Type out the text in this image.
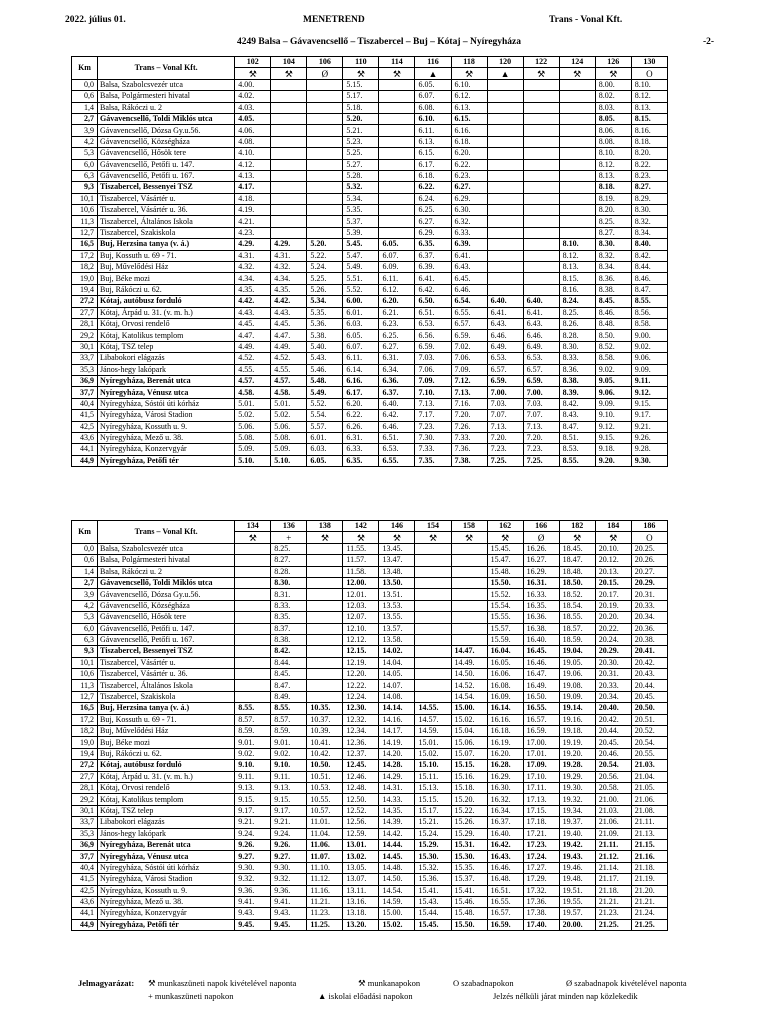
2022. július 01.	MENETREND	Trans - Vonal Kft.
4249 Balsa – Gávavencsellő – Tiszabercel – Buj – Kótaj – Nyíregyháza	-2-
Km	Trans – Vonal Kft.	102	104	106	110	114	116	118	120	122	124	126	130
		⚒	⚒	Ø	⚒	⚒	▲	⚒	▲	⚒	⚒	⚒	O
0,0	Balsa, Szabolcsvezér utca	4.00.			5.15.		6.05.	6.10.				8.00.	8.10.
0,6	Balsa, Polgármesteri hivatal	4.02.			5.17.		6.07.	6.12.				8.02.	8.12.
1,4	Balsa, Rákóczi u. 2	4.03.			5.18.		6.08.	6.13.				8.03.	8.13.
2,7	Gávavencsellő, Toldi Miklós utca	4.05.			5.20.		6.10.	6.15.				8.05.	8.15.
3,9	Gávavencsellő, Dózsa Gy.u.56.	4.06.			5.21.		6.11.	6.16.				8.06.	8.16.
4,2	Gávavencsellő, Községháza	4.08.			5.23.		6.13.	6.18.				8.08.	8.18.
5,3	Gávavencsellő, Hősök tere	4.10.			5.25.		6.15.	6.20.				8.10.	8.20.
6,0	Gávavencsellő, Petőfi u. 147.	4.12.			5.27.		6.17.	6.22.				8.12.	8.22.
6,3	Gávavencsellő, Petőfi u. 167.	4.13.			5.28.		6.18.	6.23.				8.13.	8.23.
9,3	Tiszabercel, Bessenyei TSZ	4.17.			5.32.		6.22.	6.27.				8.18.	8.27.
10,1	Tiszabercel, Vásártér u.	4.18.			5.34.		6.24.	6.29.				8.19.	8.29.
10,6	Tiszabercel, Vásártér u. 36.	4.19.			5.35.		6.25.	6.30.				8.20.	8.30.
11,3	Tiszabercel, Általános Iskola	4.21.			5.37.		6.27.	6.32.				8.25.	8.32.
12,7	Tiszabercel, Szakiskola	4.23.			5.39.		6.29.	6.33.				8.27.	8.34.
16,5	Buj, Herzsina tanya (v. á.)	4.29.	4.29.	5.20.	5.45.	6.05.	6.35.	6.39.			8.10.	8.30.	8.40.
17,2	Buj, Kossuth u. 69 - 71.	4.31.	4.31.	5.22.	5.47.	6.07.	6.37.	6.41.			8.12.	8.32.	8.42.
18,2	Buj, Művelődési Ház	4.32.	4.32.	5.24.	5.49.	6.09.	6.39.	6.43.			8.13.	8.34.	8.44.
19,0	Buj, Béke mozi	4.34.	4.34.	5.25.	5.51.	6.11.	6.41.	6.45.			8.15.	8.36.	8.46.
19,4	Buj, Rákóczi u. 62.	4.35.	4.35.	5.26.	5.52.	6.12.	6.42.	6.46.			8.16.	8.38.	8.47.
27,2	Kótaj, autóbusz forduló	4.42.	4.42.	5.34.	6.00.	6.20.	6.50.	6.54.	6.40.	6.40.	8.24.	8.45.	8.55.
27,7	Kótaj, Árpád u. 31. (v. m. h.)	4.43.	4.43.	5.35.	6.01.	6.21.	6.51.	6.55.	6.41.	6.41.	8.25.	8.46.	8.56.
28,1	Kótaj, Orvosi rendelő	4.45.	4.45.	5.36.	6.03.	6.23.	6.53.	6.57.	6.43.	6.43.	8.26.	8.48.	8.58.
29,2	Kótaj, Katolikus templom	4.47.	4.47.	5.38.	6.05.	6.25.	6.56.	6.59.	6.46.	6.46.	8.28.	8.50.	9.00.
30,1	Kótaj, TSZ telep	4.49.	4.49.	5.40.	6.07.	6.27.	6.59.	7.02.	6.49.	6.49.	8.30.	8.52.	9.02.
33,7	Libabokori elágazás	4.52.	4.52.	5.43.	6.11.	6.31.	7.03.	7.06.	6.53.	6.53.	8.33.	8.58.	9.06.
35,3	János-hegy lakópark	4.55.	4.55.	5.46.	6.14.	6.34.	7.06.	7.09.	6.57.	6.57.	8.36.	9.02.	9.09.
36,9	Nyíregyháza, Berenát utca	4.57.	4.57.	5.48.	6.16.	6.36.	7.09.	7.12.	6.59.	6.59.	8.38.	9.05.	9.11.
37,7	Nyíregyháza, Vénusz utca	4.58.	4.58.	5.49.	6.17.	6.37.	7.10.	7.13.	7.00.	7.00.	8.39.	9.06.	9.12.
40,4	Nyíregyháza, Sóstói úti kórház	5.01.	5.01.	5.52.	6.20.	6.40.	7.13.	7.16.	7.03.	7.03.	8.42.	9.09.	9.15.
41,5	Nyíregyháza, Városi Stadion	5.02.	5.02.	5.54.	6.22.	6.42.	7.17.	7.20.	7.07.	7.07.	8.43.	9.10.	9.17.
42,5	Nyíregyháza, Kossuth u. 9.	5.06.	5.06.	5.57.	6.26.	6.46.	7.23.	7.26.	7.13.	7.13.	8.47.	9.12.	9.21.
43,6	Nyíregyháza, Mező u. 38.	5.08.	5.08.	6.01.	6.31.	6.51.	7.30.	7.33.	7.20.	7.20.	8.51.	9.15.	9.26.
44,1	Nyíregyháza, Konzervgyár	5.09.	5.09.	6.03.	6.33.	6.53.	7.33.	7.36.	7.23.	7.23.	8.53.	9.18.	9.28.
44,9	Nyíregyháza, Petőfi tér	5.10.	5.10.	6.05.	6.35.	6.55.	7.35.	7.38.	7.25.	7.25.	8.55.	9.20.	9.30.
Km	Trans – Vonal Kft.	134	136	138	142	146	154	158	162	166	182	184	186
		⚒	+	⚒	⚒	⚒	⚒	⚒	⚒	Ø	⚒	⚒	O
0,0	Balsa, Szabolcsvezér utca		8.25.		11.55.	13.45.			15.45.	16.26.	18.45.	20.10.	20.25.
0,6	Balsa, Polgármesteri hivatal		8.27.		11.57.	13.47.			15.47.	16.27.	18.47.	20.12.	20.26.
1,4	Balsa, Rákóczi u. 2		8.28.		11.58.	13.48.			15.48.	16.29.	18.48.	20.13.	20.27.
2,7	Gávavencsellő, Toldi Miklós utca		8.30.		12.00.	13.50.			15.50.	16.31.	18.50.	20.15.	20.29.
3,9	Gávavencsellő, Dózsa Gy.u.56.		8.31.		12.01.	13.51.			15.52.	16.33.	18.52.	20.17.	20.31.
4,2	Gávavencsellő, Községháza		8.33.		12.03.	13.53.			15.54.	16.35.	18.54.	20.19.	20.33.
5,3	Gávavencsellő, Hősök tere		8.35.		12.07.	13.55.			15.55.	16.36.	18.55.	20.20.	20.34.
6,0	Gávavencsellő, Petőfi u. 147.		8.37.		12.10.	13.57.			15.57.	16.38.	18.57.	20.22.	20.36.
6,3	Gávavencsellő, Petőfi u. 167.		8.38.		12.12.	13.58.			15.59.	16.40.	18.59.	20.24.	20.38.
9,3	Tiszabercel, Bessenyei TSZ		8.42.		12.15.	14.02.		14.47.	16.04.	16.45.	19.04.	20.29.	20.41.
10,1	Tiszabercel, Vásártér u.		8.44.		12.19.	14.04.		14.49.	16.05.	16.46.	19.05.	20.30.	20.42.
10,6	Tiszabercel, Vásártér u. 36.		8.45.		12.20.	14.05.		14.50.	16.06.	16.47.	19.06.	20.31.	20.43.
11,3	Tiszabercel, Általános Iskola		8.47.		12.22.	14.07.		14.52.	16.08.	16.49.	19.08.	20.33.	20.44.
12,7	Tiszabercel, Szakiskola		8.49.		12.24.	14.08.		14.54.	16.09.	16.50.	19.09.	20.34.	20.45.
16,5	Buj, Herzsina tanya (v. á.)	8.55.	8.55.	10.35.	12.30.	14.14.	14.55.	15.00.	16.14.	16.55.	19.14.	20.40.	20.50.
17,2	Buj, Kossuth u. 69 - 71.	8.57.	8.57.	10.37.	12.32.	14.16.	14.57.	15.02.	16.16.	16.57.	19.16.	20.42.	20.51.
18,2	Buj, Művelődési Ház	8.59.	8.59.	10.39.	12.34.	14.17.	14.59.	15.04.	16.18.	16.59.	19.18.	20.44.	20.52.
19,0	Buj, Béke mozi	9.01.	9.01.	10.41.	12.36.	14.19.	15.01.	15.06.	16.19.	17.00.	19.19.	20.45.	20.54.
19,4	Buj, Rákóczi u. 62.	9.02.	9.02.	10.42.	12.37.	14.20.	15.02.	15.07.	16.20.	17.01.	19.20.	20.46.	20.55.
27,2	Kótaj, autóbusz forduló	9.10.	9.10.	10.50.	12.45.	14.28.	15.10.	15.15.	16.28.	17.09.	19.28.	20.54.	21.03.
27,7	Kótaj, Árpád u. 31. (v. m. h.)	9.11.	9.11.	10.51.	12.46.	14.29.	15.11.	15.16.	16.29.	17.10.	19.29.	20.56.	21.04.
28,1	Kótaj, Orvosi rendelő	9.13.	9.13.	10.53.	12.48.	14.31.	15.13.	15.18.	16.30.	17.11.	19.30.	20.58.	21.05.
29,2	Kótaj, Katolikus templom	9.15.	9.15.	10.55.	12.50.	14.33.	15.15.	15.20.	16.32.	17.13.	19.32.	21.00.	21.06.
30,1	Kótaj, TSZ telep	9.17.	9.17.	10.57.	12.52.	14.35.	15.17.	15.22.	16.34.	17.15.	19.34.	21.03.	21.08.
33,7	Libabokori elágazás	9.21.	9.21.	11.01.	12.56.	14.39.	15.21.	15.26.	16.37.	17.18.	19.37.	21.06.	21.11.
35,3	János-hegy lakópark	9.24.	9.24.	11.04.	12.59.	14.42.	15.24.	15.29.	16.40.	17.21.	19.40.	21.09.	21.13.
36,9	Nyíregyháza, Berenát utca	9.26.	9.26.	11.06.	13.01.	14.44.	15.29.	15.31.	16.42.	17.23.	19.42.	21.11.	21.15.
37,7	Nyíregyháza, Vénusz utca	9.27.	9.27.	11.07.	13.02.	14.45.	15.30.	15.30.	16.43.	17.24.	19.43.	21.12.	21.16.
40,4	Nyíregyháza, Sóstói úti kórház	9.30.	9.30.	11.10.	13.05.	14.48.	15.32.	15.35.	16.46.	17.27.	19.46.	21.14.	21.18.
41,5	Nyíregyháza, Városi Stadion	9.32.	9.32.	11.12.	13.07.	14.50.	15.36.	15.37.	16.48.	17.29.	19.48.	21.17.	21.19.
42,5	Nyíregyháza, Kossuth u. 9.	9.36.	9.36.	11.16.	13.11.	14.54.	15.41.	15.41.	16.51.	17.32.	19.51.	21.18.	21.20.
43,6	Nyíregyháza, Mező u. 38.	9.41.	9.41.	11.21.	13.16.	14.59.	15.43.	15.46.	16.55.	17.36.	19.55.	21.21.	21.21.
44,1	Nyíregyháza, Konzervgyár	9.43.	9.43.	11.23.	13.18.	15.00.	15.44.	15.48.	16.57.	17.38.	19.57.	21.23.	21.24.
44,9	Nyíregyháza, Petőfi tér	9.45.	9.45.	11.25.	13.20.	15.02.	15.45.	15.50.	16.59.	17.40.	20.00.	21.25.	21.25.
Jelmagyarázat: ⚒ munkaszüneti napok kivételével naponta	⚒ munkanapokon	O szabadnapokon	Ø szabadnapok kivételével naponta
+ munkaszüneti napokon	▲ iskolai előadási napokon	Jelzés nélküli járat minden nap közlekedik
